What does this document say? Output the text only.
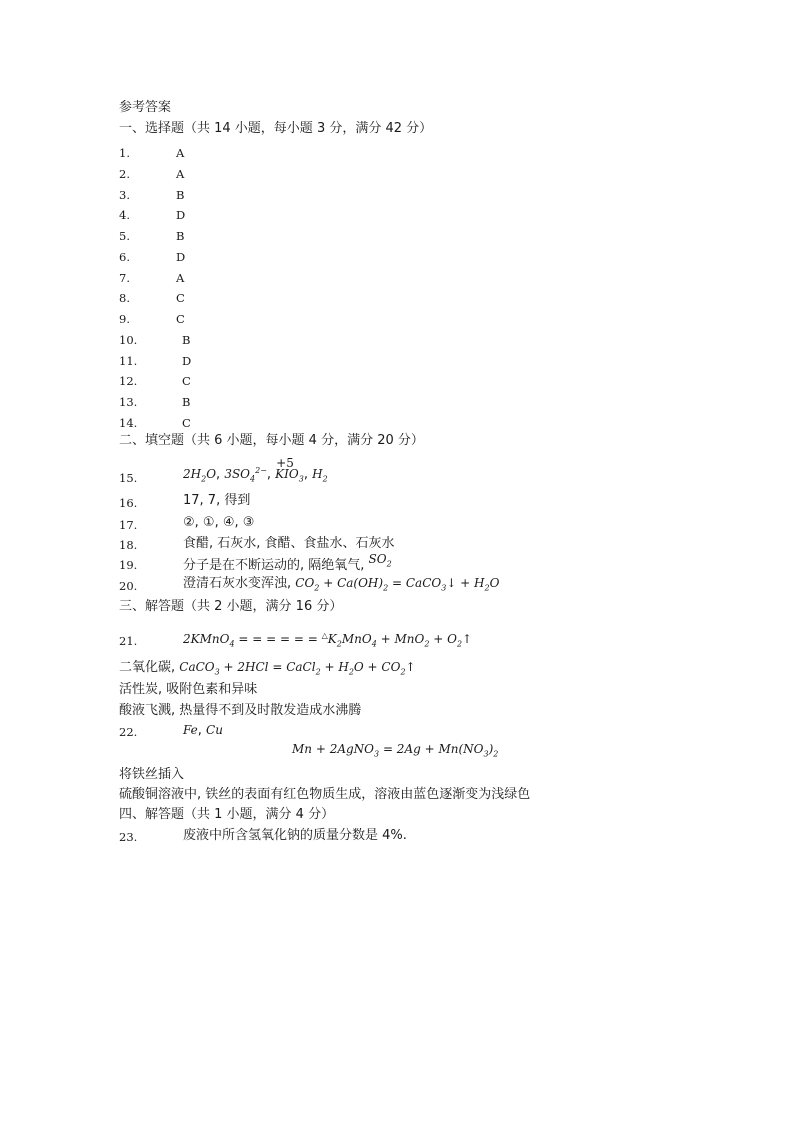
参考答案
一、选择题（共 14 小题，每小题 3 分，满分 42 分）
1.	A
2.	A
3.	B
4.	D
5.	B
6.	D
7.	A
8.	C
9.	C
10.	B
11.	D
12.	C
13.	B
14.	C
二、填空题（共 6 小题，每小题 4 分，满分 20 分）
15.	$2H_2O$, $3SO_4^{2-}$, K
+5
$IO_3$, $H_2$
16.	17, 7, 得到
17.	②, ①, ④, ③
18.	食醋, 石灰水, 食醋、食盐水、石灰水
19.	分子是在不断运动的, 隔绝氧气, $SO_2$
20.	澄清石灰水变浑浊, $CO_2 + Ca(OH)_2$ = CaCO$_3$↓ + $H_2O$
三、解答题（共 2 小题，满分 16 分）
21.	2KMnO$_4$ = = = = = = $^\triangle K_2MnO_4 + MnO_2$ + $O_2↑$
二氧化碳, CaCO$_3$ + 2HCl = CaCl$_2$ + $H_2O$ + $CO_2↑$
活性炭, 吸附色素和异味
酸液飞溅, 热量得不到及时散发造成水沸腾
22.	Fe, Cu
Mn + 2AgNO$_3$ = $2Ag + Mn(NO_3)_2$
将铁丝插入
硫酸铜溶液中, 铁丝的表面有红色物质生成，溶液由蓝色逐渐变为浅绿色
四、解答题（共 1 小题，满分 4 分）
23.	废液中所含氢氧化钠的质量分数是 4%.
